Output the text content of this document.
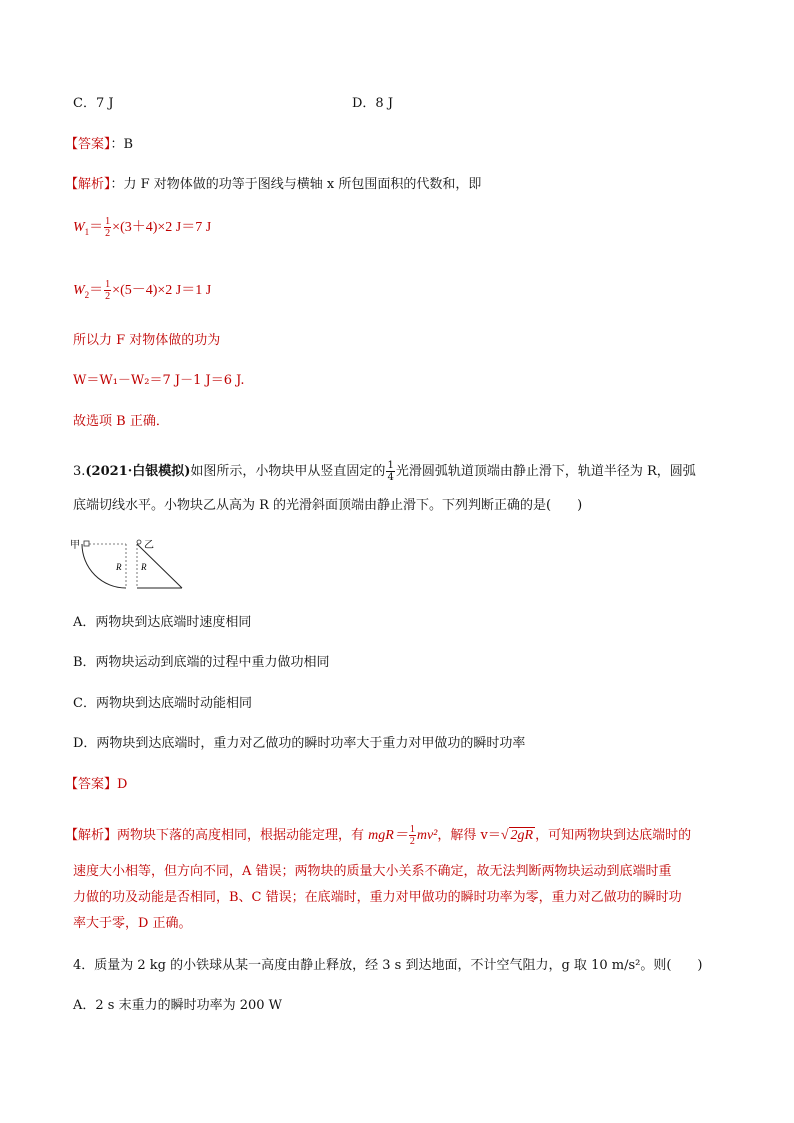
C．7 J	D．8 J
【答案】：B
【解析】：力 F 对物体做的功等于图线与横轴 x 所包围面积的代数和，即
$W_1= \frac{1}{2} \times(3+4)\times 2$ J＝7 J
$W_2= \frac{1}{2} \times(5-4)\times 2$ J＝1 J
所以力 F 对物体做的功为
W＝W₁－W₂＝7 J－1 J＝6 J.
故选项 B 正确．
3.(2021·白银模拟)如图所示，小物块甲从竖直固定的 $\frac{1}{4}$ 光滑圆弧轨道顶端由静止滑下，轨道半径为 R，圆弧
底端切线水平。小物块乙从高为 R 的光滑斜面顶端由静止滑下。下列判断正确的是(　　)
甲
R
乙
R
A．两物块到达底端时速度相同
B．两物块运动到底端的过程中重力做功相同
C．两物块到达底端时动能相同
D．两物块到达底端时，重力对乙做功的瞬时功率大于重力对甲做功的瞬时功率
【答案】D
【解析】两物块下落的高度相同，根据动能定理，有 $mgR= \frac{1}{2} mv^2$，解得 v＝√ 2gR ，可知两物块到达底端时的
速度大小相等，但方向不同，A 错误；两物块的质量大小关系不确定，故无法判断两物块运动到底端时重
力做的功及动能是否相同，B、C 错误；在底端时，重力对甲做功的瞬时功率为零，重力对乙做功的瞬时功
率大于零，D 正确。
4．质量为 2 kg 的小铁球从某一高度由静止释放，经 3 s 到达地面，不计空气阻力，g 取 10 m/s²。则(　　)
A．2 s 末重力的瞬时功率为 200 W
